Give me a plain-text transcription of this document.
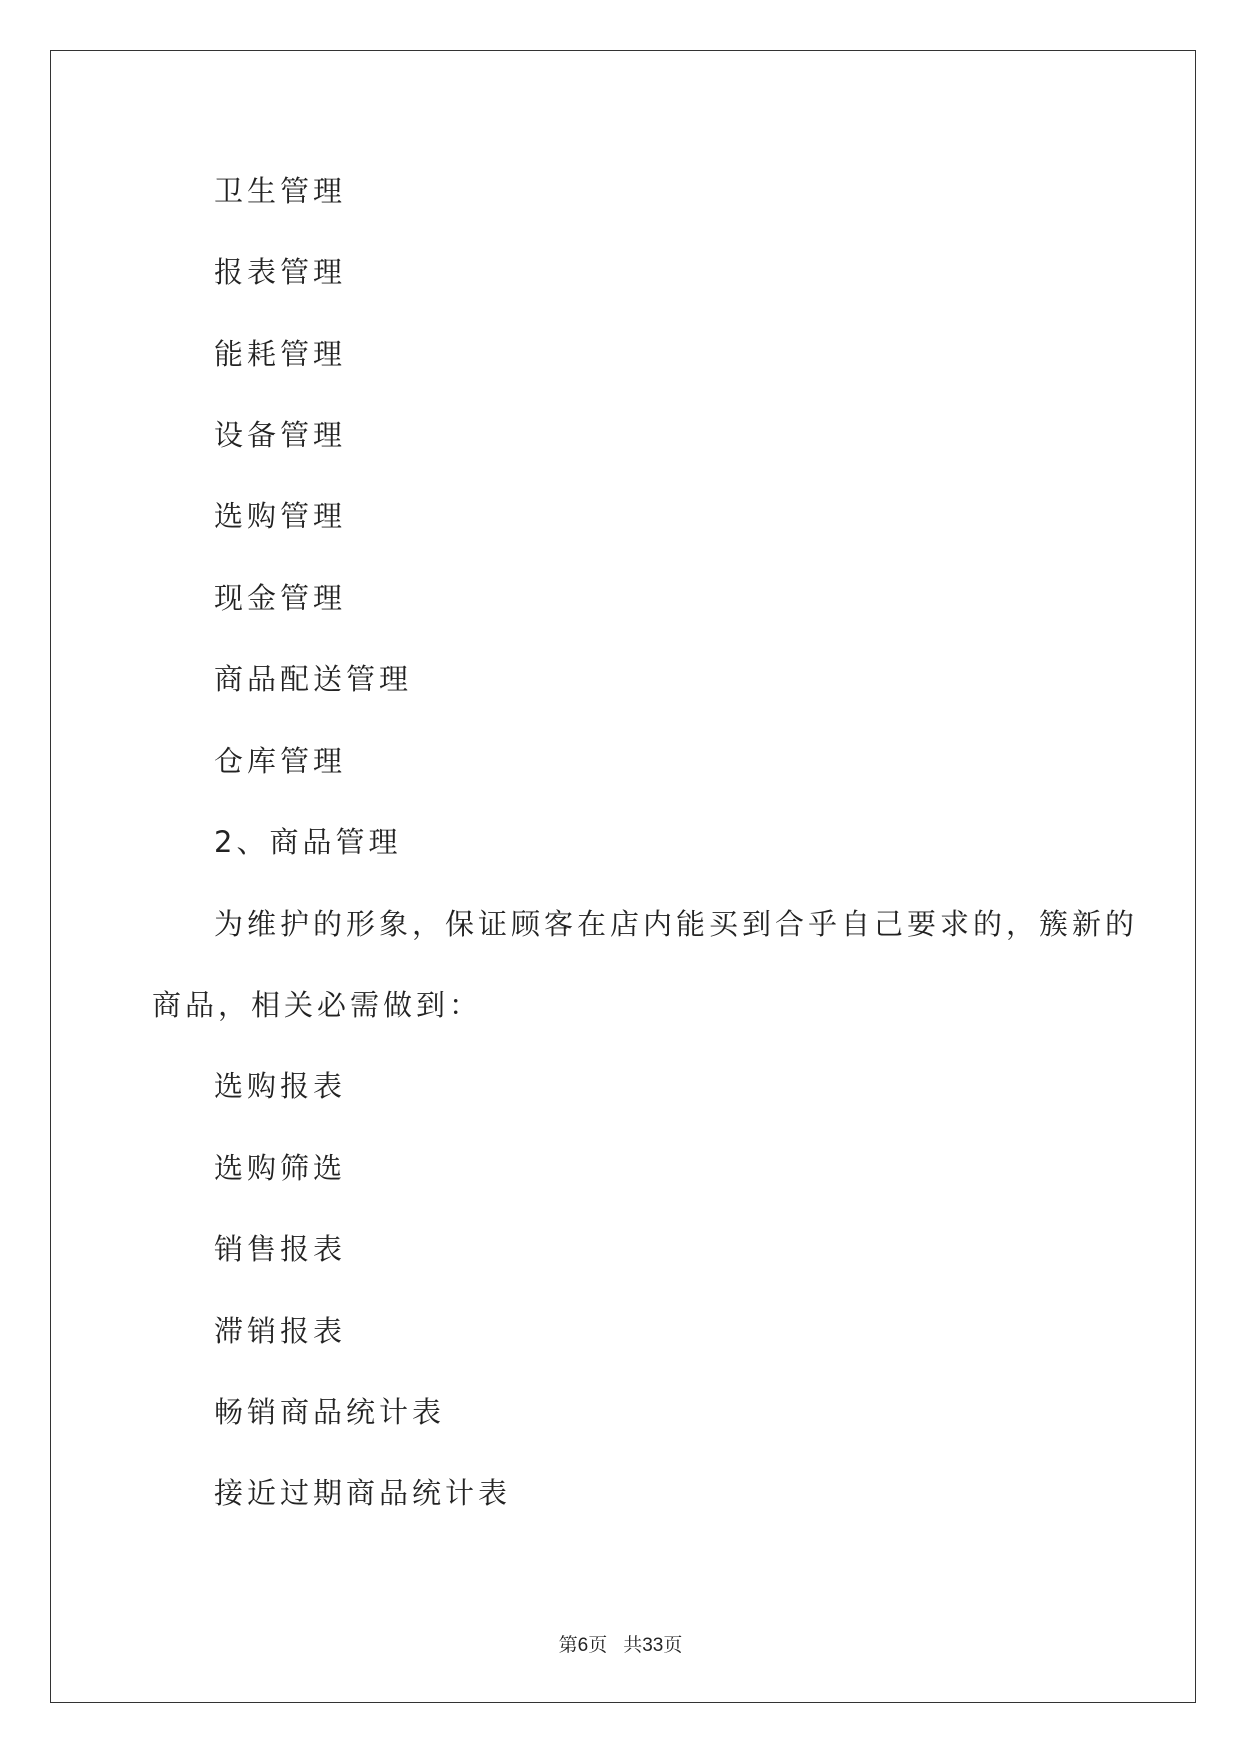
卫生管理
报表管理
能耗管理
设备管理
选购管理
现金管理
商品配送管理
仓库管理
2、商品管理
为维护的形象，保证顾客在店内能买到合乎自己要求的，簇新的
商品，相关必需做到：
选购报表
选购筛选
销售报表
滞销报表
畅销商品统计表
接近过期商品统计表
第6页 共33页
